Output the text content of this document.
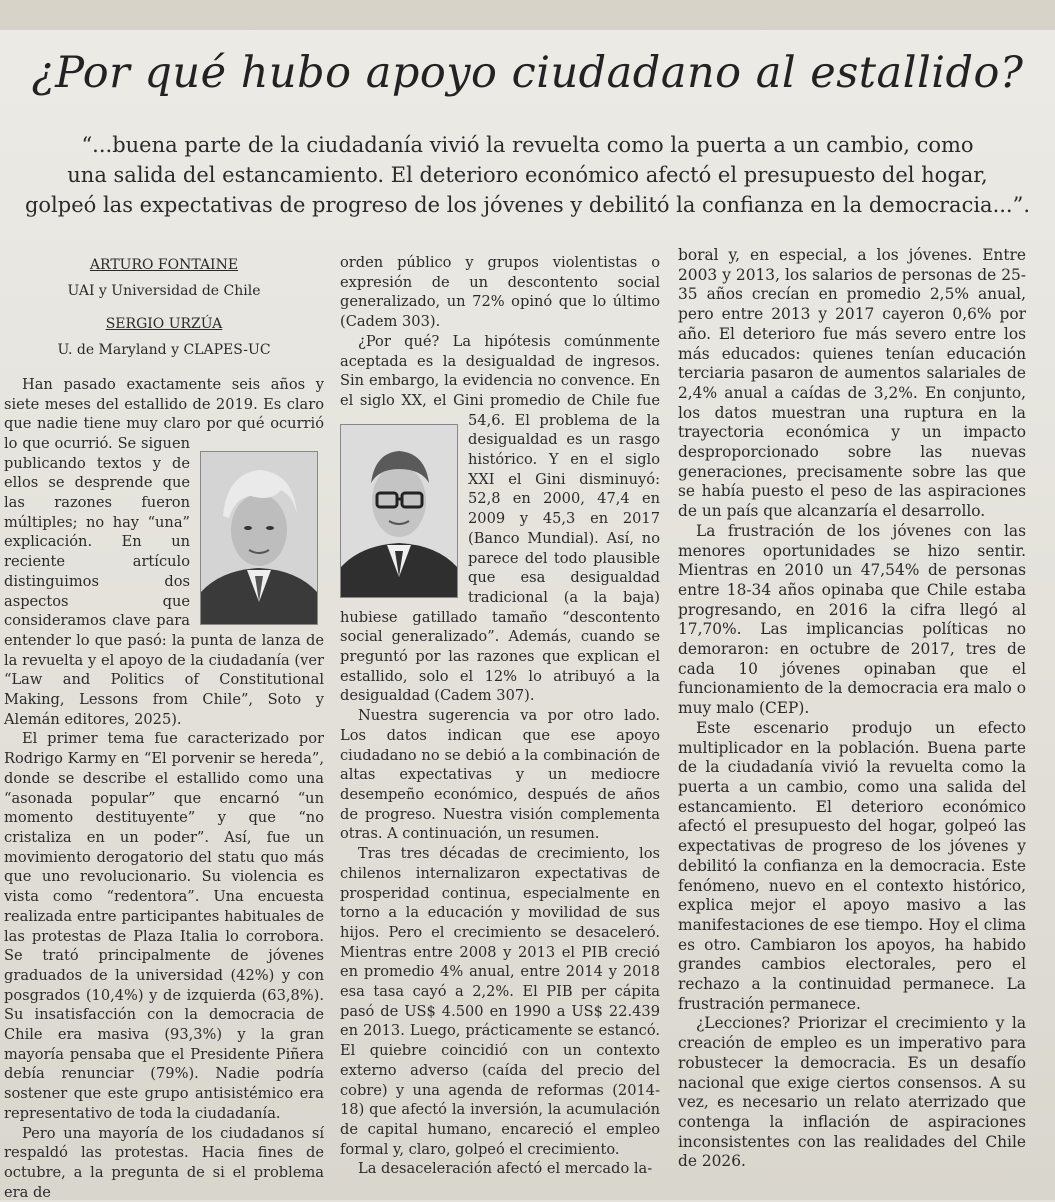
¿Por qué hubo apoyo ciudadano al estallido?
“...buena parte de la ciudadanía vivió la revuelta como la puerta a un cambio, como
una salida del estancamiento. El deterioro económico afectó el presupuesto del hogar,
golpeó las expectativas de progreso de los jóvenes y debilitó la confianza en la democracia...”.
ARTURO FONTAINE
UAI y Universidad de Chile
SERGIO URZÚA
U. de Maryland y CLAPES-UC

Han pasado exactamente seis años y siete meses del estallido de 2019. Es claro que nadie tiene muy claro por qué ocurrió lo que ocurrió. Se siguen publicando textos y de ellos se desprende que las razones fueron múltiples; no hay “una” explicación. En un reciente artículo distinguimos dos aspectos que consideramos clave para entender lo que pasó: la punta de lanza de la revuelta y el apoyo de la ciudadanía (ver “Law and Politics of Constitutional Making, Lessons from Chile”, Soto y Alemán editores, 2025).

El primer tema fue caracterizado por Rodrigo Karmy en “El porvenir se hereda”, donde se describe el estallido como una “asonada popular” que encarnó “un momento destituyente” y que “no cristaliza en un poder”. Así, fue un movimiento derogatorio del statu quo más que uno revolucionario. Su violencia es vista como “redentora”. Una encuesta realizada entre participantes habituales de las protestas de Plaza Italia lo corrobora. Se trató principalmente de jóvenes graduados de la universidad (42%) y con posgrados (10,4%) y de izquierda (63,8%). Su insatisfacción con la democracia de Chile era masiva (93,3%) y la gran mayoría pensaba que el Presidente Piñera debía renunciar (79%). Nadie podría sostener que este grupo antisistémico era representativo de toda la ciudadanía.

Pero una mayoría de los ciudadanos sí respaldó las protestas. Hacia fines de octubre, a la pregunta de si el problema era de

orden público y grupos violentistas o expresión de un descontento social generalizado, un 72% opinó que lo último (Cadem 303).

¿Por qué? La hipótesis comúnmente aceptada es la desigualdad de ingresos. Sin embargo, la evidencia no convence. En el siglo XX, el Gini promedio de Chile fue 54,6. El problema de la desigualdad es un rasgo histórico. Y en el siglo XXI el Gini disminuyó: 52,8 en 2000, 47,4 en 2009 y 45,3 en 2017 (Banco Mundial). Así, no parece del todo plausible que esa desigualdad tradicional (a la baja) hubiese gatillado tamaño “descontento social generalizado”. Además, cuando se preguntó por las razones que explican el estallido, solo el 12% lo atribuyó a la desigualdad (Cadem 307).

Nuestra sugerencia va por otro lado. Los datos indican que ese apoyo ciudadano no se debió a la combinación de altas expectativas y un mediocre desempeño económico, después de años de progreso. Nuestra visión complementa otras. A continuación, un resumen.

Tras tres décadas de crecimiento, los chilenos internalizaron expectativas de prosperidad continua, especialmente en torno a la educación y movilidad de sus hijos. Pero el crecimiento se desaceleró. Mientras entre 2008 y 2013 el PIB creció en promedio 4% anual, entre 2014 y 2018 esa tasa cayó a 2,2%. El PIB per cápita pasó de US$ 4.500 en 1990 a US$ 22.439 en 2013. Luego, prácticamente se estancó. El quiebre coincidió con un contexto externo adverso (caída del precio del cobre) y una agenda de reformas (2014-18) que afectó la inversión, la acumulación de capital humano, encareció el empleo formal y, claro, golpeó el crecimiento.

La desaceleración afectó el mercado la-

boral y, en especial, a los jóvenes. Entre 2003 y 2013, los salarios de personas de 25-35 años crecían en promedio 2,5% anual, pero entre 2013 y 2017 cayeron 0,6% por año. El deterioro fue más severo entre los más educados: quienes tenían educación terciaria pasaron de aumentos salariales de 2,4% anual a caídas de 3,2%. En conjunto, los datos muestran una ruptura en la trayectoria económica y un impacto desproporcionado sobre las nuevas generaciones, precisamente sobre las que se había puesto el peso de las aspiraciones de un país que alcanzaría el desarrollo.

La frustración de los jóvenes con las menores oportunidades se hizo sentir. Mientras en 2010 un 47,54% de personas entre 18-34 años opinaba que Chile estaba progresando, en 2016 la cifra llegó al 17,70%. Las implicancias políticas no demoraron: en octubre de 2017, tres de cada 10 jóvenes opinaban que el funcionamiento de la democracia era malo o muy malo (CEP).

Este escenario produjo un efecto multiplicador en la población. Buena parte de la ciudadanía vivió la revuelta como la puerta a un cambio, como una salida del estancamiento. El deterioro económico afectó el presupuesto del hogar, golpeó las expectativas de progreso de los jóvenes y debilitó la confianza en la democracia. Este fenómeno, nuevo en el contexto histórico, explica mejor el apoyo masivo a las manifestaciones de ese tiempo. Hoy el clima es otro. Cambiaron los apoyos, ha habido grandes cambios electorales, pero el rechazo a la continuidad permanece. La frustración permanece.

¿Lecciones? Priorizar el crecimiento y la creación de empleo es un imperativo para robustecer la democracia. Es un desafío nacional que exige ciertos consensos. A su vez, es necesario un relato aterrizado que contenga la inflación de aspiraciones inconsistentes con las realidades del Chile de 2026.
